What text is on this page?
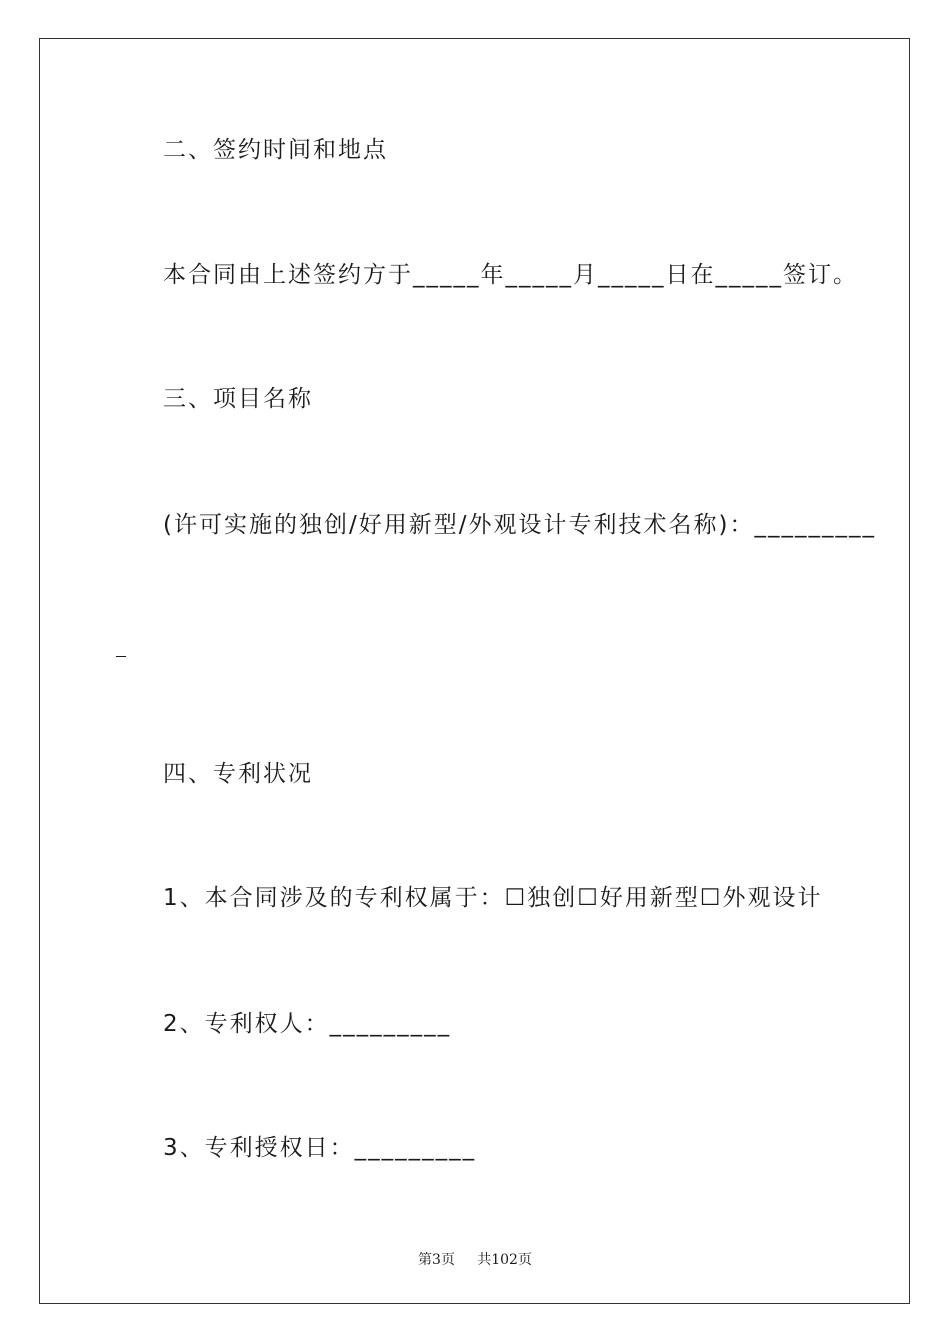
二、签约时间和地点
本合同由上述签约方于_____年_____月_____日在_____签订。
三、项目名称
(许可实施的独创/好用新型/外观设计专利技术名称)：_________
四、专利状况
1、本合同涉及的专利权属于：☐独创☐好用新型☐外观设计
2、专利权人：_________
3、专利授权日：_________
第3页 共102页
